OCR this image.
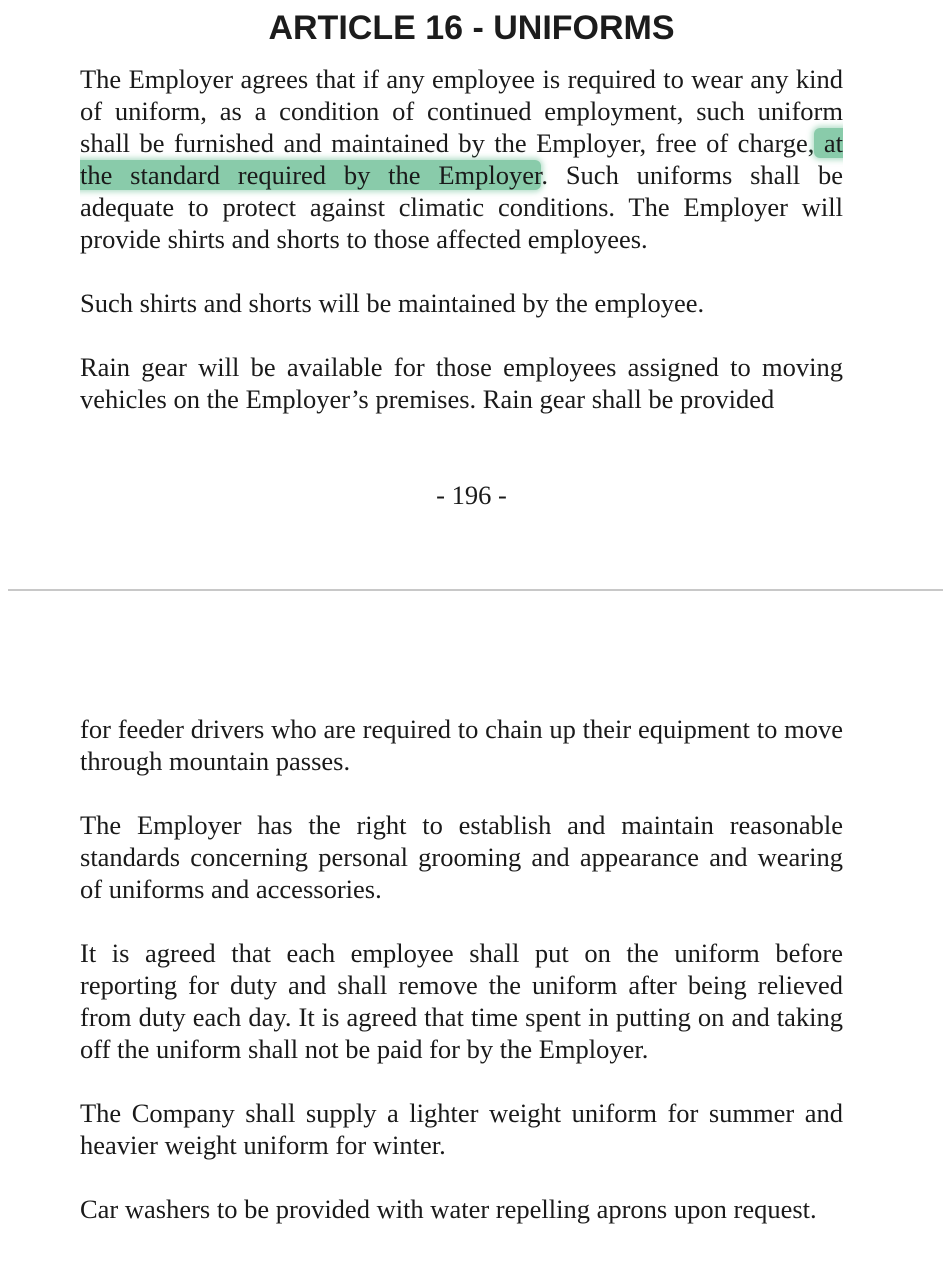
ARTICLE 16 - UNIFORMS

The Employer agrees that if any employee is required to wear any kind of uniform, as a condition of continued employment, such uniform shall be furnished and maintained by the Employer, free of charge, at the standard required by the Employer. Such uniforms shall be adequate to protect against climatic conditions. The Employer will provide shirts and shorts to those affected employees.

Such shirts and shorts will be maintained by the employee.

Rain gear will be available for those employees assigned to moving vehicles on the Employer’s premises. Rain gear shall be provided

- 196 -

for feeder drivers who are required to chain up their equipment to move through mountain passes.

The Employer has the right to establish and maintain reasonable standards concerning personal grooming and appearance and wearing of uniforms and accessories.

It is agreed that each employee shall put on the uniform before reporting for duty and shall remove the uniform after being relieved from duty each day. It is agreed that time spent in putting on and taking off the uniform shall not be paid for by the Employer.

The Company shall supply a lighter weight uniform for summer and heavier weight uniform for winter.

Car washers to be provided with water repelling aprons upon request.
